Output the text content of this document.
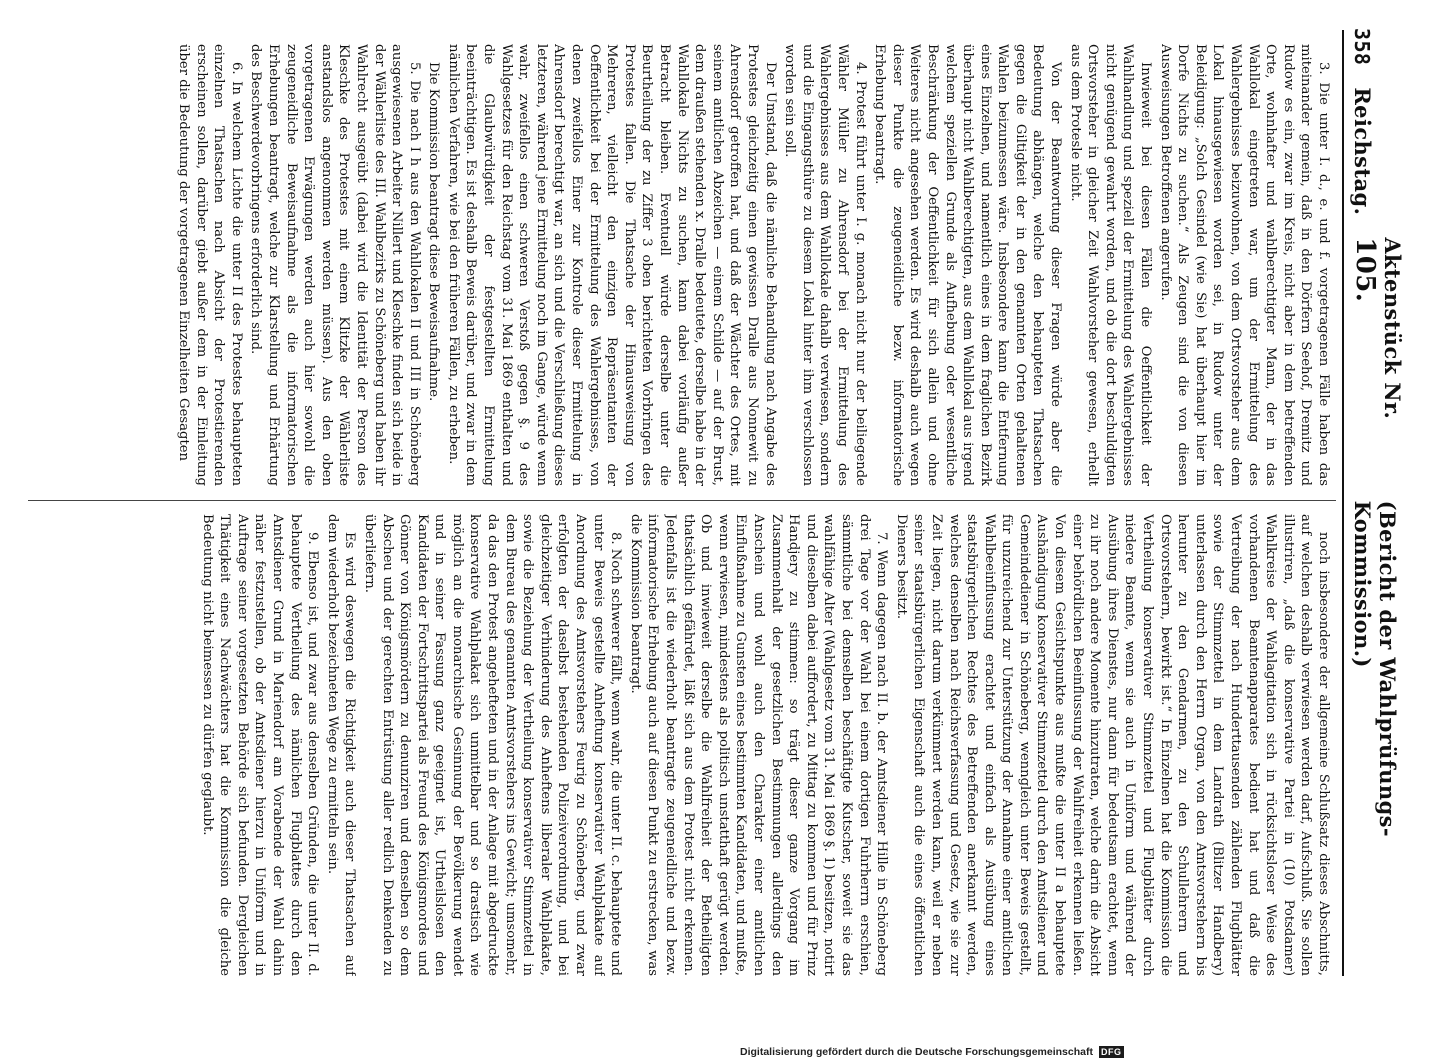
358
Reichstag.
Aktenstück Nr. 105.
(Bericht der Wahlprüfungs-Kommission.)

3. Die unter I. d., e. und f. vorgetragenen Fälle haben das miteinander gemein, daß in den Dörfern Seehof, Dremitz und Rudow es ein, zwar im Kreis, nicht aber in dem betreffenden Orte, wohnhafter und wahlberechtigter Mann, der in das Wahllokal eingetreten war, um der Ermittelung des Wahlergebnisses beizuwohnen, von dem Ortsvorsteher aus dem Lokal hinausgewiesen worden sei, in Rudow unter der Beleidigung: „Solch Gesindel (wie Sie) hat überhaupt hier im Dorfe Nichts zu suchen.“ Als Zeugen sind die von diesen Ausweisungen Betroffenen angerufen.

Inwieweit bei diesen Fällen die Oeffentlichkeit der Wahlhandlung und speziell der Ermittelung des Wahlergebnisses nicht genügend gewahrt worden, und ob die dort beschuldigten Ortsvorsteher in gleicher Zeit Wahlvorsteher gewesen, erhellt aus dem Protesle nicht.

Von der Beantwortung dieser Fragen würde aber die Bedeutung abhängen, welche den behaupteten Thatsachen gegen die Giltigkeit der in den genannten Orten gehaltenen Wahlen beizumessen wäre. Insbesondere kann die Entfernung eines Einzelnen, und namentlich eines in dem fraglichen Bezirk überhaupt nicht Wahlberechtigten, aus dem Wahllokal aus irgend welchem speziellen Grunde als Aufhebung oder wesentliche Beschränkung der Oeffentlichkeit für sich allein und ohne Weiteres nicht angesehen werden. Es wird deshalb auch wegen dieser Punkte die zeugeneidliche bezw. informatorische Erhebung beantragt.

4. Protest führt unter I. g. monach nicht nur der beiliegende Wähler Müller zu Ahrensdorf bei der Ermittelung des Wahlergebnisses aus dem Wahllokale dahalb verwiesen, sondern und die Eingangsthüre zu diesem Lokal hinter ihm verschlossen worden sein soll.

Der Umstand, daß die nämliche Behandlung nach Angabe des Protestes gleichzeitig einen gewissen Dralle aus Nonnewit zu Ahrensdorf getroffen hat, und daß der Wächter des Ortes, mit seinem amtlichen Abzeichen — einem Schilde — auf der Brust, dem draußen stehenden x. Dralle bedeutete, derselbe habe in der Wahllokale Nichts zu suchen, kann dabei vorläufig außer Betracht bleiben. Eventuell würde derselbe unter die Beurtheilung der zu Ziffer 3 oben berichteten Vorbringen des Protestes fallen. Die Thatsache der Hinausweisung von Mehreren, vielleicht den einzigen Repräsentanten der Oeffentlichkeit bei der Ermittelung des Wahlergebnisses, von denen zweifellos Einer zur Kontrole dieser Ermittelung in Ahrensdorf berechtigt war, an sich und die Verschließung dieses letzteren, während jene Ermittelung noch im Gange, würde wenn wahr, zweifellos einen schweren Verstoß gegen §. 9 des Wahlgesetzes für den Reichstag vom 31. Mai 1869 enthalten und die Glaubwürdigkeit der festgestellten Ermittelung beeinträchtigen. Es ist deshalb Beweis darüber, und zwar in dem nämlichen Verfahren, wie bei den früheren Fällen, zu erheben.

Die Kommission beantragt diese Beweisaufnahme.

5. Die nach I h aus den Wahllokalen II und III in Schöneberg ausgewiesenen Arbeiter Nillert und Kleschke finden sich beide in der Wählerliste des III. Wahlbezirks zu Schöneberg und haben ihr Wahlrecht ausgeübt (dabei wird die Identität der Person des Kleschke des Protestes mit einem Klitzke der Wählerliste anstandslos angenommen werden müssen). Aus den oben vorgetragenen Erwägungen werden auch hier sowohl die zeugeneidliche Beweisaufnahme als die informatorischen Erhebungen beantragt, welche zur Klarstellung und Erhärtung des Beschwerdevorbringens erforderlich sind.

6. In welchem Lichte die unter II des Protestes behaupteten einzelnen Thatsachen nach Absicht der Protestierenden erscheinen sollen, darüber giebt außer dem in der Einleitung über die Bedeutung der vorgetragenen Einzelheiten Gesagten

noch insbesondere der allgemeine Schlußsatz dieses Abschnitts, auf welchen deshalb verwiesen werden darf, Aufschluß. Sie sollen illustriren, „daß die konservative Partei in (10) Potsdamer) Wahlkreise der Wahlagitation sich in rücksichtsloser Weise des vorhandenen Beamtenapparates bedient hat und daß die Vertreibung der nach Hunderttausenden zählenden Flugblätter sowie der Stimmzettel in dem Landrath (Blitzer Handbery) unterlassen durch den Herrn Organ, von den Amtsvorstehern bis herunter zu den Gendarmen, zu den Schullehrern und Ortsvorstehern, bewirkt ist.“ In Einzelnen hat die Kommission die Vertheilung konservativer Stimmzettel und Flugblätter durch niedere Beamte, wenn sie auch in Uniform und während der Ausübung ihres Dienstes, nur dann für bedeutsam erachtet, wenn zu ihr noch andere Momente hinzutraten, welche darin die Absicht einer behördlichen Beeinflussung der Wahlfreiheit erkennen ließen. Von diesem Gesichtspunkte aus mußte die unter II a behauptete Aushändigung konservativer Stimmzettel durch den Amtsdiener und Gemeindediener in Schöneberg, wenngleich unter Beweis gestellt, für unzureichend zur Unterstützung der Annahme einer amtlichen Wahlbeeinflussung erachtet und einfach als Ausübung eines staatsbürgerlichen Rechtes des Betreffenden anerkannt werden, welches denselben nach Reichsverfassung und Gesetz, wie sie zur Zeit liegen, nicht darum verkümmert werden kann, weil er neben seiner staatsbürgerlichen Eigenschaft auch die eines öffentlichen Dieners besitzt.

7. Wenn dagegen nach II. b. der Amtsdiener Hille in Schöneberg drei Tage vor der Wahl bei einem dortigen Fuhrherrn erschien, sämmtliche bei demselben beschäftigte Kutscher, soweit sie das wahlfähige Alter (Wahlgesetz vom 31. Mai 1869 §. 1) besitzen, notirt und dieselben dabei auffordert, zu Mittag zu kommen und für Prinz Handjery zu stimmen: so trägt dieser ganze Vorgang im Zusammenhalt der gesetzlichen Bestimmungen allerdings den Anschein und wohl auch den Charakter einer amtlichen Einflußnahme zu Gunsten eines bestimmten Kandidaten, und mußte, wenn erwiesen, mindestens als politisch unstatthaft gerügt werden. Ob und inwieweit derselbe die Wahlfreiheit der Betheiligten thatsächlich gefährdet, läßt sich aus dem Protest nicht erkennen. Jedenfalls ist die wiederholt beantragte zeugeneidliche und bezw. informatorische Erhebung auch auf diesen Punkt zu erstrecken, was die Kommission beantragt.

8. Noch schwerer fällt, wenn wahr, die unter II. c. behauptete und unter Beweis gestellte Anheftung konservativer Wahlplakate auf Anordnung des Amtsvorstehers Feurig zu Schöneberg, und zwar erfolgten der daselbst bestehenden Polizeiverordnung, und bei gleichzeitiger Verhinderung des Anheftens liberaler Wahlplakate, sowie die Beziehung der Vertheilung konservativer Stimmzettel in dem Bureau des genannten Amtsvorstehers ins Gewicht; umsomehr, da das den Protest angehefteten und in der Anlage mit abgedruckte konservative Wahlplakat sich unmittelbar und so drastisch wie möglich an die monarchische Gesinnung der Bevölkerung wendet und in seiner Fassung ganz geeignet ist, Urtheilslosen den Kandidaten der Fortschrittspartei als Freund des Königsmordes und Gönner von Königsmördern zu denunziren und denselben so dem Abscheu und der gerechten Entrüstung aller redlich Denkenden zu überliefern.

Es wird deswegen die Richtigkeit auch dieser Thatsachen auf dem wiederholt bezeichneten Wege zu ermitteln sein.

9. Ebenso ist, und zwar aus denselben Gründen, die unter II. d. behauptete Vertheilung des nämlichen Flugblattes durch den Amtsdiener Grund in Mariendorf am Vorabende der Wahl dahin näher festzustellen, ob der Amtsdiener hierzu in Uniform und in Auftrage seiner vorgesetzten Behörde sich befunden. Dergleichen Thätigkeit eines Nachwächters hat die Kommission die gleiche Bedeutung nicht beimessen zu dürfen geglaubt.

Digitalisierung gefördert durch die Deutsche Forschungsgemeinschaft DFG
